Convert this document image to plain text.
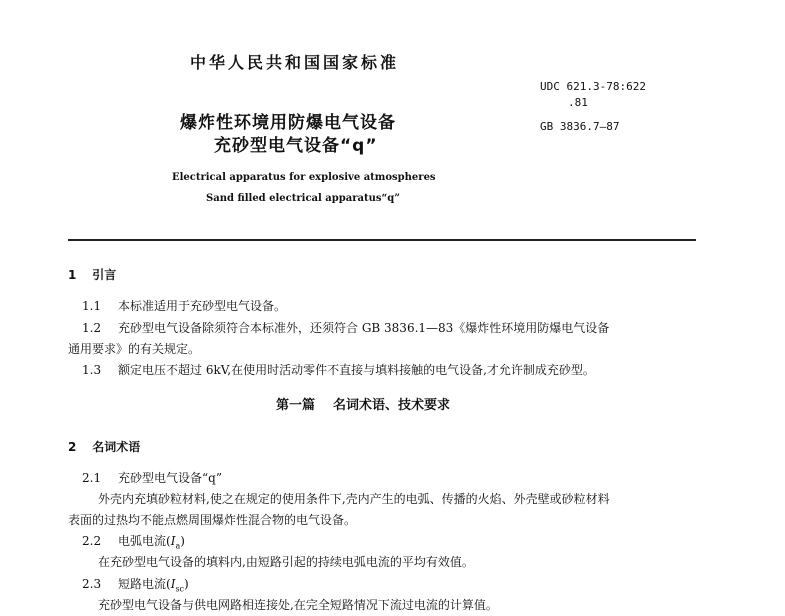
中华人民共和国国家标准
爆炸性环境用防爆电气设备
充砂型电气设备“q”
Electrical apparatus for explosive atmospheres
Sand filled electrical apparatus“q”
UDC 621.3-78:622
.81
GB 3836.7—87
1 引言
1.1 本标准适用于充砂型电气设备。
1.2 充砂型电气设备除须符合本标准外，还须符合 GB 3836.1—83《爆炸性环境用防爆电气设备
通用要求》的有关规定。
1.3 额定电压不超过 6kV,在使用时活动零件不直接与填料接触的电气设备,才允许制成充砂型。
第一篇 名词术语、技术要求
2 名词术语
2.1 充砂型电气设备“q”
外壳内充填砂粒材料,使之在规定的使用条件下,壳内产生的电弧、传播的火焰、外壳壁或砂粒材料
表面的过热均不能点燃周围爆炸性混合物的电气设备。
2.2 电弧电流$(I_a)$
在充砂型电气设备的填料内,由短路引起的持续电弧电流的平均有效值。
2.3 短路电流$(I_{sc})$
充砂型电气设备与供电网路相连接处,在完全短路情况下流过电流的计算值。
